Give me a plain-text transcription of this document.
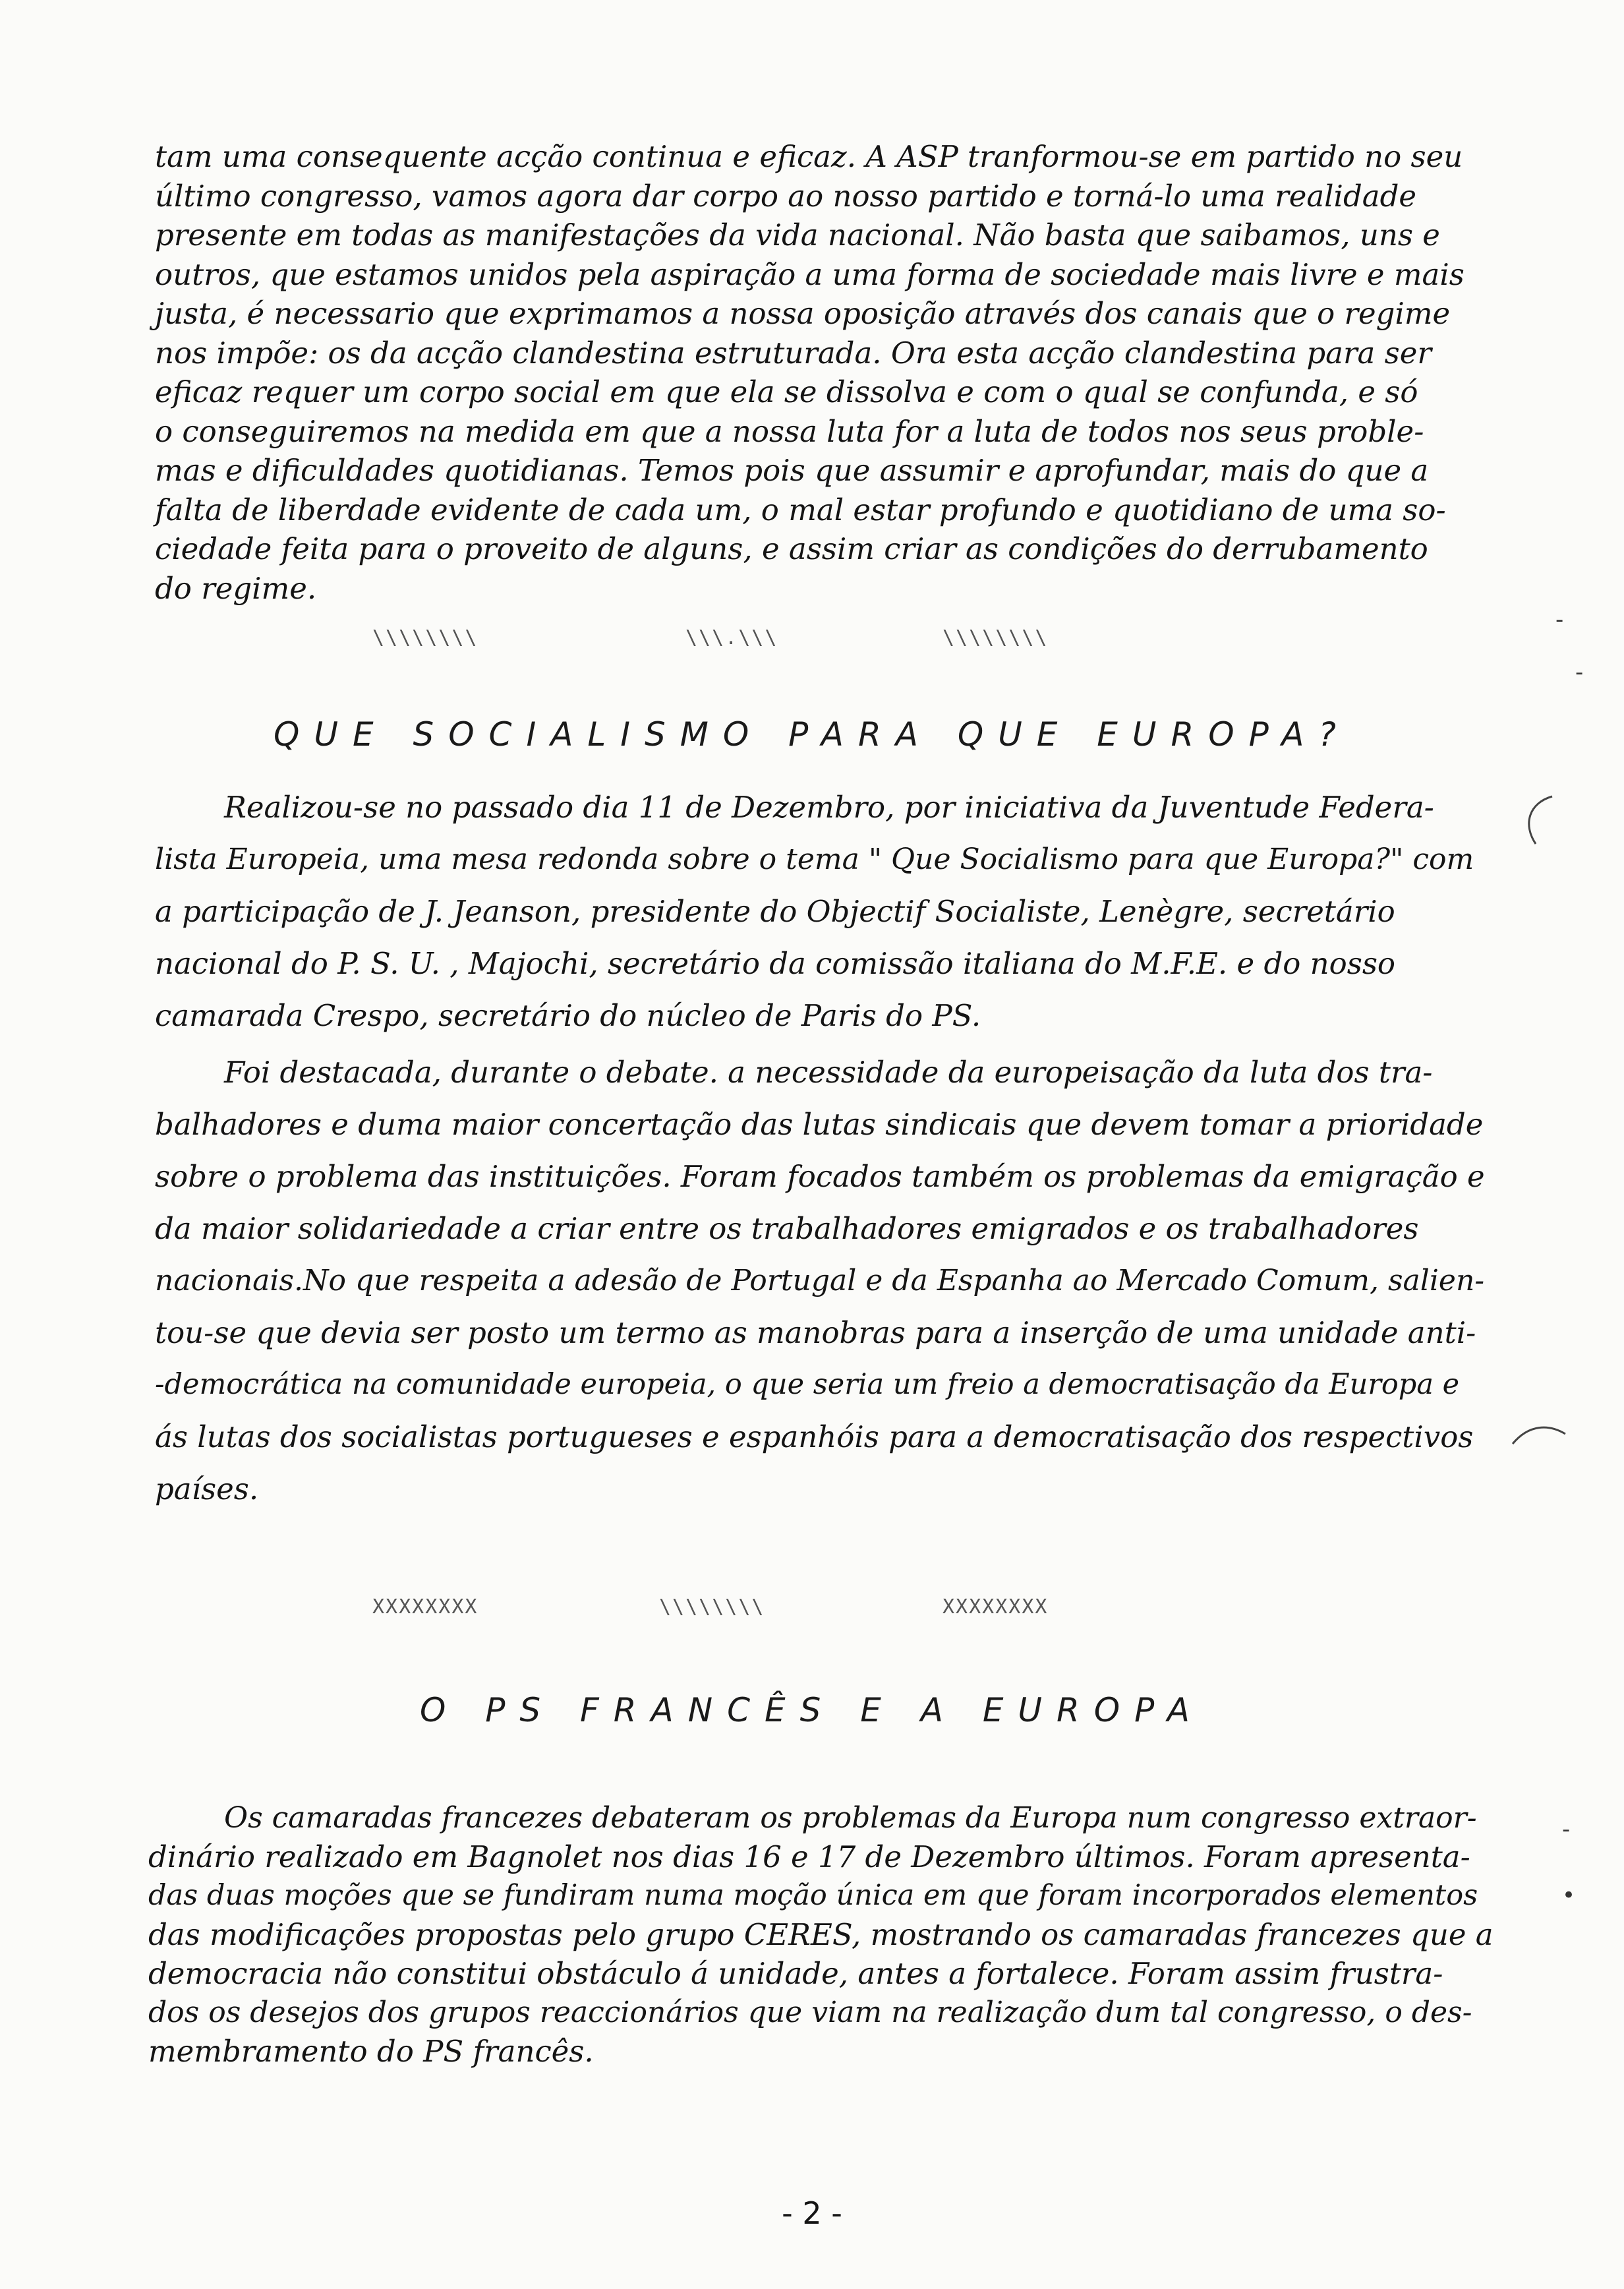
tam uma consequente acção continua e eficaz. A ASP tranformou-se em partido no seu
último congresso, vamos agora dar corpo ao nosso partido e torná-lo uma realidade
presente em todas as manifestações da vida nacional. Não basta que saibamos, uns e
outros, que estamos unidos pela aspiração a uma forma de sociedade mais livre e mais
justa, é necessario que exprimamos a nossa oposição através dos canais que o regime
nos impõe: os da acção clandestina estruturada. Ora esta acção clandestina para ser
eficaz requer um corpo social em que ela se dissolva e com o qual se confunda, e só
o conseguiremos na medida em que a nossa luta for a luta de todos nos seus proble-
mas e dificuldades quotidianas. Temos pois que assumir e aprofundar, mais do que a
falta de liberdade evidente de cada um, o mal estar profundo e quotidiano de uma so-
ciedade feita para o proveito de alguns, e assim criar as condições do derrubamento
do regime.
\\\\\\\\	\\\.\\\	\\\\\\\\
QUE SOCIALISMO PARA QUE EUROPA?
Realizou-se no passado dia 11 de Dezembro, por iniciativa da Juventude Federa-
lista Europeia, uma mesa redonda sobre o tema " Que Socialismo para que Europa?" com
a participação de J. Jeanson, presidente do Objectif Socialiste, Lenègre, secretário
nacional do P. S. U. , Majochi, secretário da comissão italiana do M.F.E. e do nosso
camarada Crespo, secretário do núcleo de Paris do PS.
Foi destacada, durante o debate. a necessidade da europeisação da luta dos tra-
balhadores e duma maior concertação das lutas sindicais que devem tomar a prioridade
sobre o problema das instituições. Foram focados também os problemas da emigração e
da maior solidariedade a criar entre os trabalhadores emigrados e os trabalhadores
nacionais.No que respeita a adesão de Portugal e da Espanha ao Mercado Comum, salien-
tou-se que devia ser posto um termo as manobras para a inserção de uma unidade anti-
-democrática na comunidade europeia, o que seria um freio a democratisação da Europa e
ás lutas dos socialistas portugueses e espanhóis para a democratisação dos respectivos
países.
XXXXXXXX	\\\\\\\\	XXXXXXXX
O PS FRANCÊS E A EUROPA
Os camaradas francezes debateram os problemas da Europa num congresso extraor-
dinário realizado em Bagnolet nos dias 16 e 17 de Dezembro últimos. Foram apresenta-
das duas moções que se fundiram numa moção única em que foram incorporados elementos
das modificações propostas pelo grupo CERES, mostrando os camaradas francezes que a
democracia não constitui obstáculo á unidade, antes a fortalece. Foram assim frustra-
dos os desejos dos grupos reaccionários que viam na realização dum tal congresso, o des-
membramento do PS francês.
- 2 -
-
•
-
-
